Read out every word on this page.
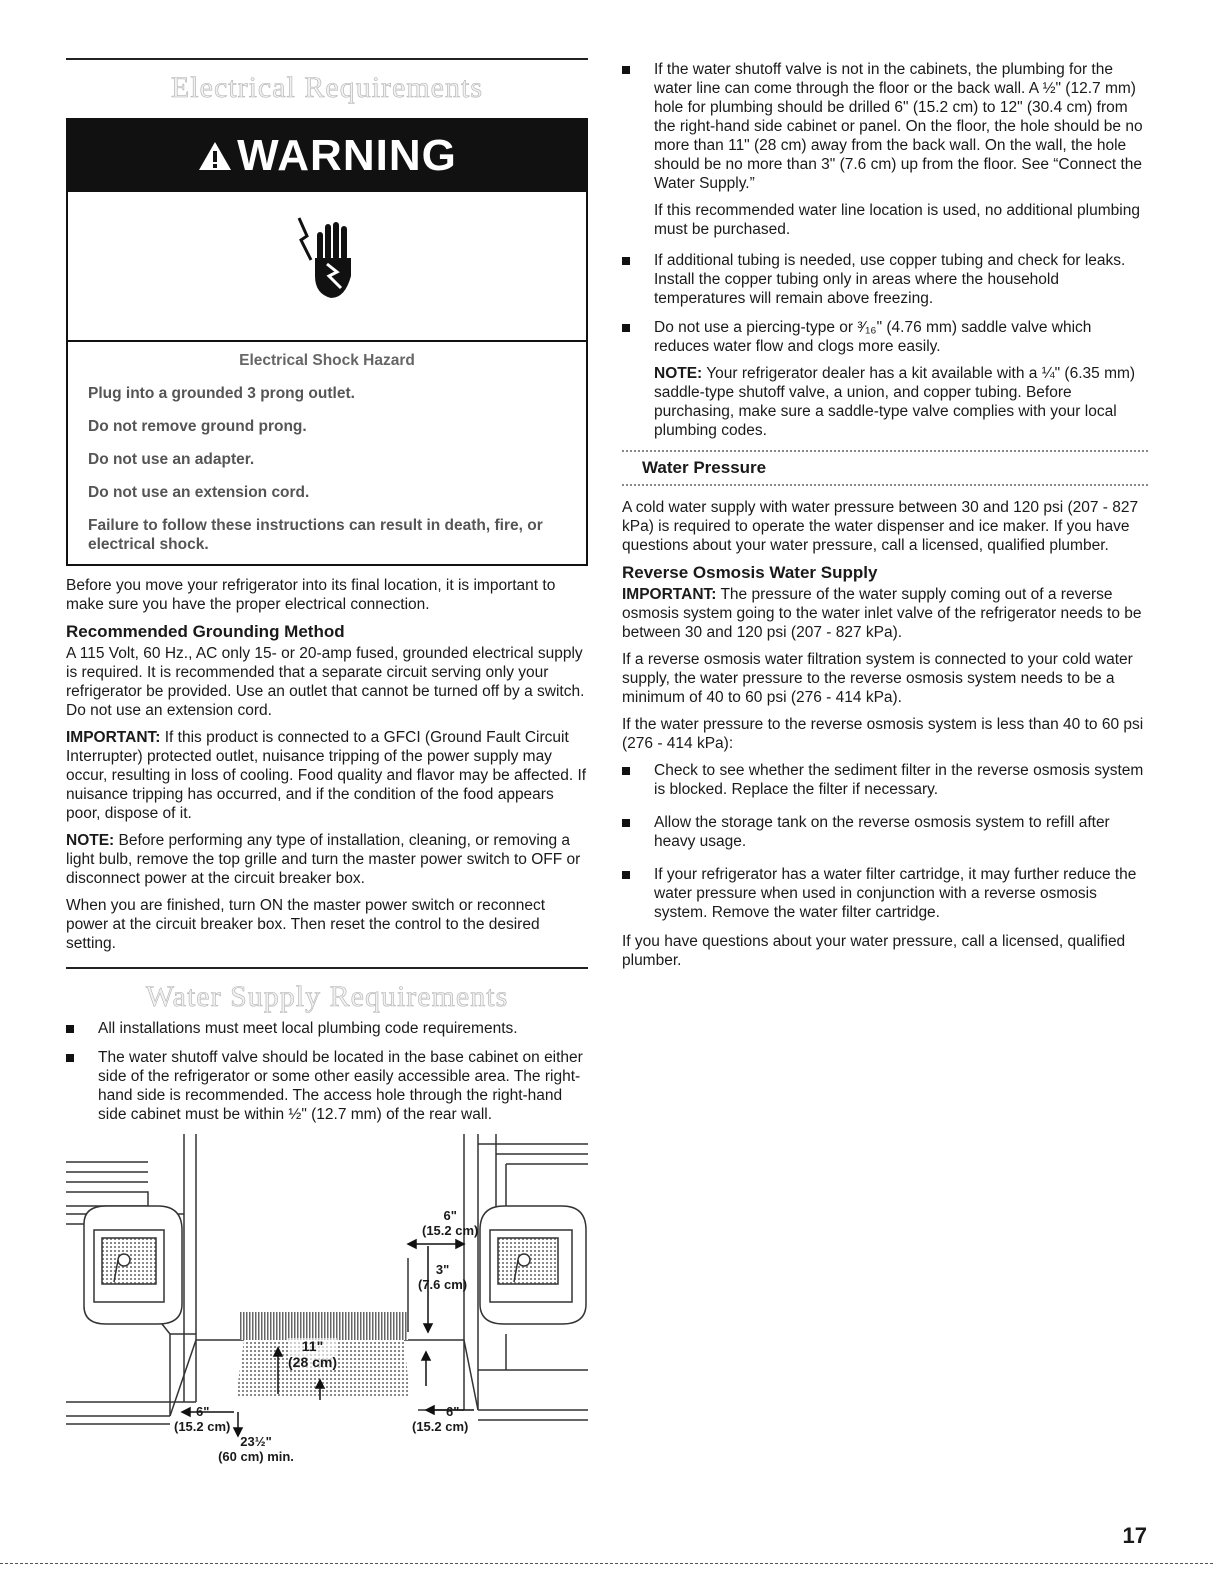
Electrical Requirements
WARNING
Electrical Shock Hazard
Plug into a grounded 3 prong outlet.
Do not remove ground prong.
Do not use an adapter.
Do not use an extension cord.
Failure to follow these instructions can result in death, fire, or electrical shock.

Before you move your refrigerator into its final location, it is important to make sure you have the proper electrical connection.

Recommended Grounding Method

A 115 Volt, 60 Hz., AC only 15- or 20-amp fused, grounded electrical supply is required. It is recommended that a separate circuit serving only your refrigerator be provided. Use an outlet that cannot be turned off by a switch. Do not use an extension cord.

IMPORTANT: If this product is connected to a GFCI (Ground Fault Circuit Interrupter) protected outlet, nuisance tripping of the power supply may occur, resulting in loss of cooling. Food quality and flavor may be affected. If nuisance tripping has occurred, and if the condition of the food appears poor, dispose of it.

NOTE: Before performing any type of installation, cleaning, or removing a light bulb, remove the top grille and turn the master power switch to OFF or disconnect power at the circuit breaker box.

When you are finished, turn ON the master power switch or reconnect power at the circuit breaker box. Then reset the control to the desired setting.

Water Supply Requirements
All installations must meet local plumbing code requirements.
The water shutoff valve should be located in the base cabinet on either side of the refrigerator or some other easily accessible area. The right-hand side is recommended. The access hole through the right-hand side cabinet must be within ½" (12.7 mm) of the rear wall.
6"
(15.2 cm)
3"
(7.6 cm)
11"
(28 cm)
6"
(15.2 cm)
6"
(15.2 cm)
23½"
(60 cm) min.
If the water shutoff valve is not in the cabinets, the plumbing for the water line can come through the floor or the back wall. A ½" (12.7 mm) hole for plumbing should be drilled 6" (15.2 cm) to 12" (30.4 cm) from the right-hand side cabinet or panel. On the floor, the hole should be no more than 11" (28 cm) away from the back wall. On the wall, the hole should be no more than 3" (7.6 cm) up from the floor. See “Connect the Water Supply.”

If this recommended water line location is used, no additional plumbing must be purchased.

If additional tubing is needed, use copper tubing and check for leaks. Install the copper tubing only in areas where the household temperatures will remain above freezing.
Do not use a piercing-type or ³⁄₁₆" (4.76 mm) saddle valve which reduces water flow and clogs more easily.

NOTE: Your refrigerator dealer has a kit available with a ¼" (6.35 mm) saddle-type shutoff valve, a union, and copper tubing. Before purchasing, make sure a saddle-type valve complies with your local plumbing codes.

Water Pressure

A cold water supply with water pressure between 30 and 120 psi (207 - 827 kPa) is required to operate the water dispenser and ice maker. If you have questions about your water pressure, call a licensed, qualified plumber.

Reverse Osmosis Water Supply

IMPORTANT: The pressure of the water supply coming out of a reverse osmosis system going to the water inlet valve of the refrigerator needs to be between 30 and 120 psi (207 - 827 kPa).

If a reverse osmosis water filtration system is connected to your cold water supply, the water pressure to the reverse osmosis system needs to be a minimum of 40 to 60 psi (276 - 414 kPa).

If the water pressure to the reverse osmosis system is less than 40 to 60 psi (276 - 414 kPa):

Check to see whether the sediment filter in the reverse osmosis system is blocked. Replace the filter if necessary.
Allow the storage tank on the reverse osmosis system to refill after heavy usage.
If your refrigerator has a water filter cartridge, it may further reduce the water pressure when used in conjunction with a reverse osmosis system. Remove the water filter cartridge.

If you have questions about your water pressure, call a licensed, qualified plumber.

17
